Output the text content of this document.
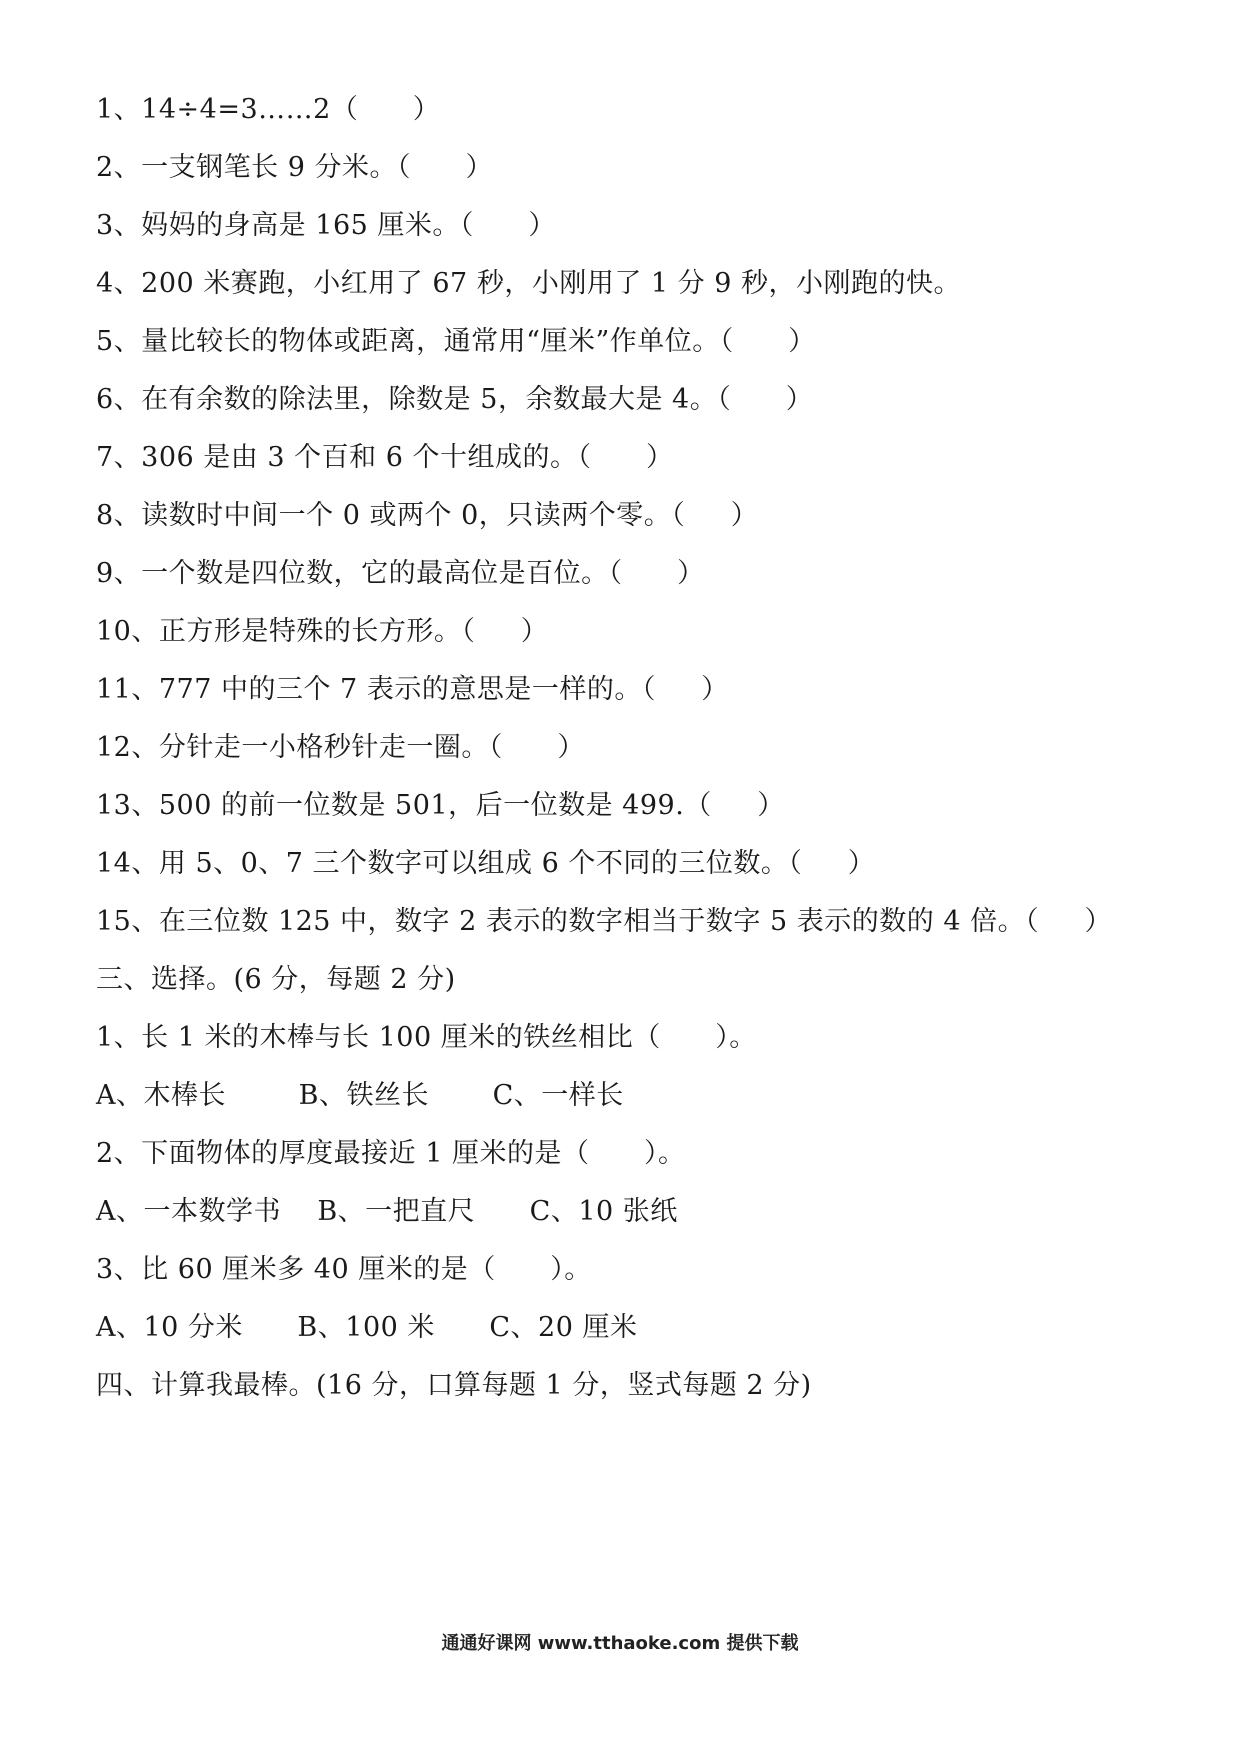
1、14÷4=3……2（      ）
2、一支钢笔长 9 分米。（      ）
3、妈妈的身高是 165 厘米。（      ）
4、200 米赛跑，小红用了 67 秒，小刚用了 1 分 9 秒，小刚跑的快。
5、量比较长的物体或距离，通常用“厘米”作单位。（      ）
6、在有余数的除法里，除数是 5，余数最大是 4。（      ）
7、306 是由 3 个百和 6 个十组成的。（      ）
8、读数时中间一个 0 或两个 0，只读两个零。（     ）
9、一个数是四位数，它的最高位是百位。（      ）
10、正方形是特殊的长方形。（     ）
11、777 中的三个 7 表示的意思是一样的。（     ）
12、分针走一小格秒针走一圈。（      ）
13、500 的前一位数是 501，后一位数是 499.（     ）
14、用 5、0、7 三个数字可以组成 6 个不同的三位数。（     ）
15、在三位数 125 中，数字 2 表示的数字相当于数字 5 表示的数的 4 倍。（     ）
三、选择。(6 分，每题 2 分)
1、长 1 米的木棒与长 100 厘米的铁丝相比（      ）。
A、木棒长        B、铁丝长       C、一样长
2、下面物体的厚度最接近 1 厘米的是（      ）。
A、一本数学书    B、一把直尺      C、10 张纸
3、比 60 厘米多 40 厘米的是（      ）。
A、10 分米      B、100 米      C、20 厘米
四、计算我最棒。(16 分，口算每题 1 分，竖式每题 2 分)
通通好课网 www.tthaoke.com 提供下载
